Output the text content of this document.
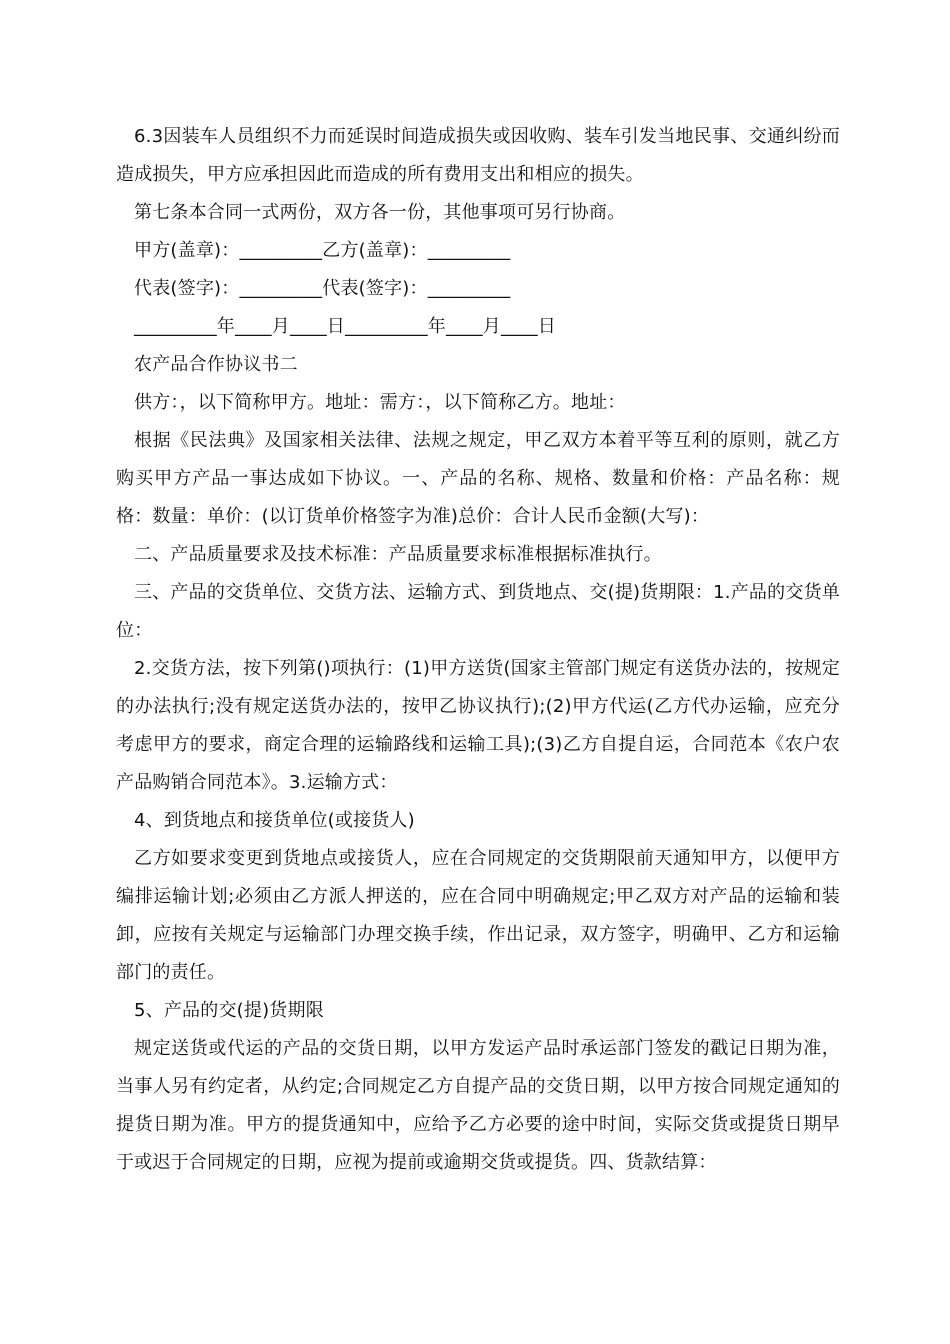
6.3因装车人员组织不力而延误时间造成损失或因收购、装车引发当地民事、交通纠纷而造成损失，甲方应承担因此而造成的所有费用支出和相应的损失。

第七条本合同一式两份，双方各一份，其他事项可另行协商。

甲方(盖章)：_________乙方(盖章)：_________

代表(签字)：_________代表(签字)：_________

_________年____月____日_________年____月____日

农产品合作协议书二

供方：，以下简称甲方。地址：需方：，以下简称乙方。地址：

根据《民法典》及国家相关法律、法规之规定，甲乙双方本着平等互利的原则，就乙方购买甲方产品一事达成如下协议。一、产品的名称、规格、数量和价格：产品名称：规格：数量：单价：(以订货单价格签字为准)总价：合计人民币金额(大写)：

二、产品质量要求及技术标准：产品质量要求标准根据标准执行。

三、产品的交货单位、交货方法、运输方式、到货地点、交(提)货期限：1.产品的交货单位：

2.交货方法，按下列第()项执行：(1)甲方送货(国家主管部门规定有送货办法的，按规定的办法执行;没有规定送货办法的，按甲乙协议执行);(2)甲方代运(乙方代办运输，应充分考虑甲方的要求，商定合理的运输路线和运输工具);(3)乙方自提自运，合同范本《农户农产品购销合同范本》。3.运输方式：

4、到货地点和接货单位(或接货人)

乙方如要求变更到货地点或接货人，应在合同规定的交货期限前天通知甲方，以便甲方编排运输计划;必须由乙方派人押送的，应在合同中明确规定;甲乙双方对产品的运输和装卸，应按有关规定与运输部门办理交换手续，作出记录，双方签字，明确甲、乙方和运输部门的责任。

5、产品的交(提)货期限

规定送货或代运的产品的交货日期，以甲方发运产品时承运部门签发的戳记日期为准，当事人另有约定者，从约定;合同规定乙方自提产品的交货日期，以甲方按合同规定通知的提货日期为准。甲方的提货通知中，应给予乙方必要的途中时间，实际交货或提货日期早于或迟于合同规定的日期，应视为提前或逾期交货或提货。四、货款结算：
